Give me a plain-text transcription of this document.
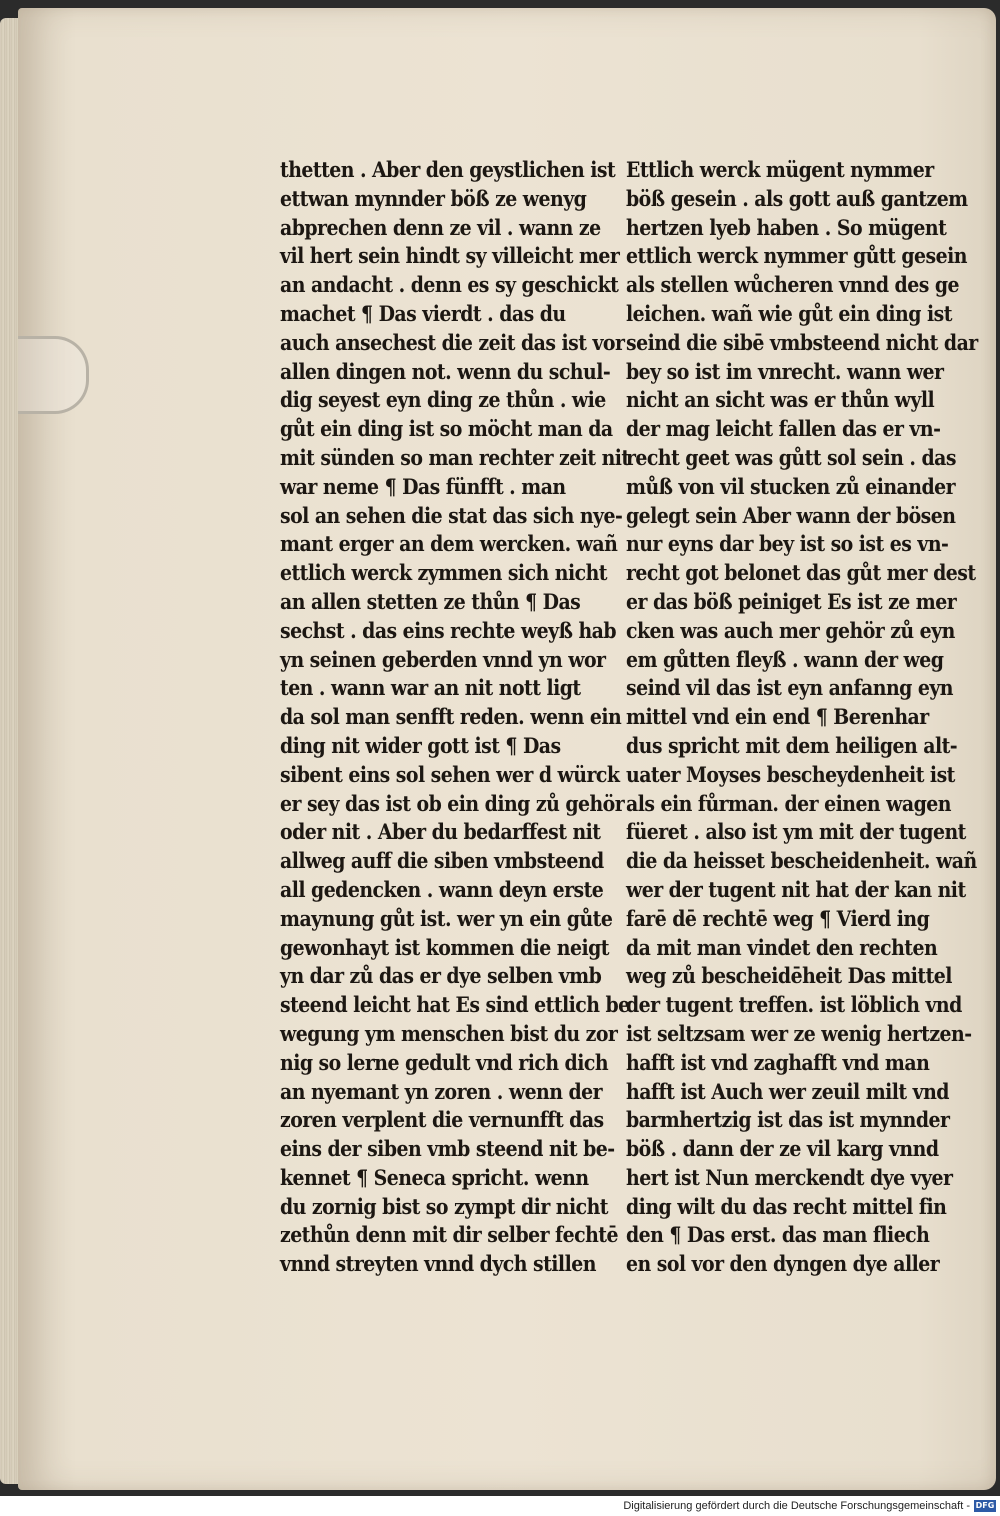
thetten . Aber den geystlichen ist
ettwan mynnder böß ze wenyg
abprechen denn ze vil . wann ze
vil hert sein hindt sy villeicht mer
an andacht . denn es sy geschickt
machet ¶ Das vierdt . das du
auch ansechest die zeit das ist vor
allen dingen not. wenn du schul-
dig seyest eyn ding ze thůn . wie
gůt ein ding ist so möcht man da
mit sünden so man rechter zeit nit
war neme ¶ Das fünfft . man
sol an sehen die stat das sich nye-
mant erger an dem wercken. wañ
ettlich werck zymmen sich nicht
an allen stetten ze thůn ¶ Das
sechst . das eins rechte weyß hab
yn seinen geberden vnnd yn wor
ten . wann war an nit nott ligt
da sol man senfft reden. wenn ein
ding nit wider gott ist ¶ Das
sibent eins sol sehen wer d würck
er sey das ist ob ein ding zů gehör
oder nit . Aber du bedarffest nit
allweg auff die siben vmbsteend
all gedencken . wann deyn erste
maynung gůt ist. wer yn ein gůte
gewonhayt ist kommen die neigt
yn dar zů das er dye selben vmb
steend leicht hat Es sind ettlich be
wegung ym menschen bist du zor
nig so lerne gedult vnd rich dich
an nyemant yn zoren . wenn der
zoren verplent die vernunfft das
eins der siben vmb steend nit be-
kennet ¶ Seneca spricht. wenn
du zornig bist so zympt dir nicht
zethůn denn mit dir selber fechtē
vnnd streyten vnnd dych stillen
Ettlich werck mügent nymmer
böß gesein . als gott auß gantzem
hertzen lyeb haben . So mügent
ettlich werck nymmer gůtt gesein
als stellen wůcheren vnnd des ge
leichen. wañ wie gůt ein ding ist
seind die sibē vmbsteend nicht dar
bey so ist im vnrecht. wann wer
nicht an sicht was er thůn wyll
der mag leicht fallen das er vn-
recht geet was gůtt sol sein . das
můß von vil stucken zů einander
gelegt sein Aber wann der bösen
nur eyns dar bey ist so ist es vn-
recht got belonet das gůt mer dest
er das böß peiniget Es ist ze mer
cken was auch mer gehör zů eyn
em gůtten fleyß . wann der weg
seind vil das ist eyn anfanng eyn
mittel vnd ein end ¶ Berenhar
dus spricht mit dem heiligen alt-
uater Moyses bescheydenheit ist
als ein fůrman. der einen wagen
füeret . also ist ym mit der tugent
die da heisset bescheidenheit. wañ
wer der tugent nit hat der kan nit
farē dē rechtē weg ¶ Vierd ing
da mit man vindet den rechten
weg zů bescheidēheit Das mittel
der tugent treffen. ist löblich vnd
ist seltzsam wer ze wenig hertzen-
hafft ist vnd zaghafft vnd man
hafft ist Auch wer zeuil milt vnd
barmhertzig ist das ist mynnder
böß . dann der ze vil karg vnnd
hert ist Nun merckendt dye vyer
ding wilt du das recht mittel fin
den ¶ Das erst. das man fliech
en sol vor den dyngen dye aller
Digitalisierung gefördert durch die Deutsche Forschungsgemeinschaft - DFG
